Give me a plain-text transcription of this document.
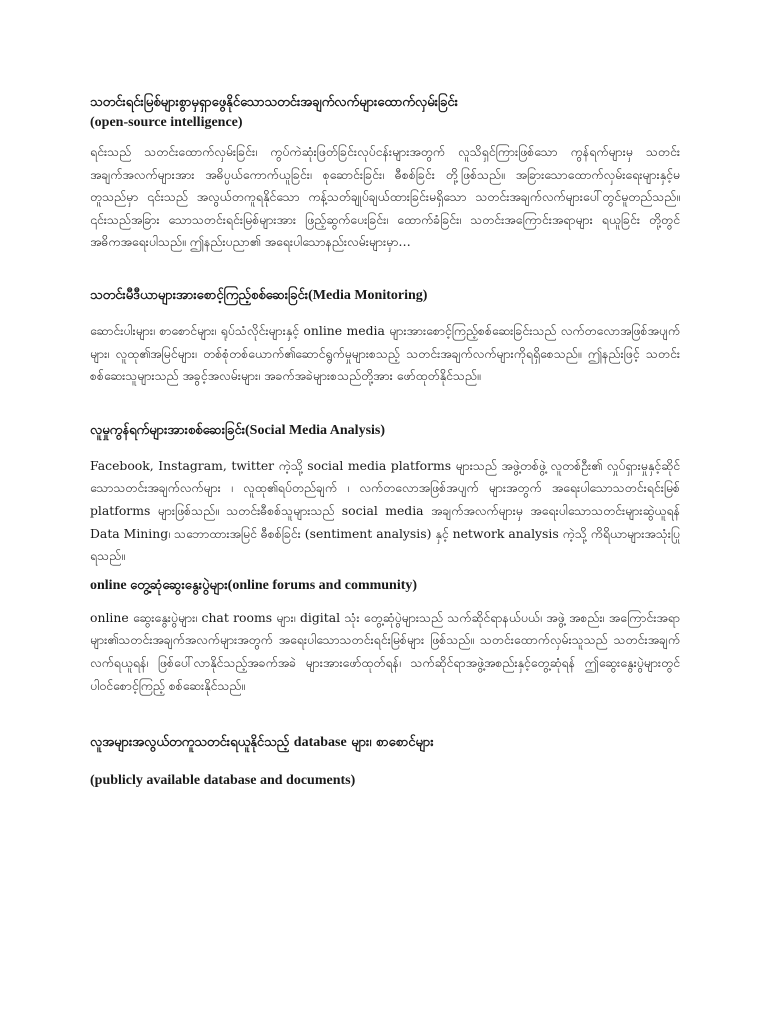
သတင်းရင်းမြစ်များစွာမှရှာဖွေနိုင်သောသတင်းအချက်လက်များထောက်လှမ်းခြင်း

(open-source intelligence)

ရင်းသည် သတင်းထောက်လှမ်းခြင်း၊ ကွပ်ကဲဆုံးဖြတ်ခြင်းလုပ်ငန်းများအတွက် လူသိရှင်ကြားဖြစ်သော ကွန်ရက်များမှ သတင်းအချက်အလက်များအား အဓိပ္ပယ်ကောက်ယူခြင်း၊ စုဆောင်းခြင်း၊ ဓီစစ်ခြင်း တို့ဖြစ်သည်။ အခြားသောထောက်လှမ်းရေးများနှင့်မတူသည်မှာ ၎င်းသည် အလွယ်တကူရနိုင်သော ကန့်သတ်ချုပ်ချယ်ထားခြင်းမရှိသော သတင်းအချက်လက်များပေါ်တွင်မူတည်သည်။ ၎င်းသည်အခြား သောသတင်းရင်းမြစ်များအား ဖြည့်ဆွက်ပေးခြင်း၊ ထောက်ခံခြင်း၊ သတင်းအကြောင်းအရာများ ရယူခြင်း တို့တွင် အဓိကအရေးပါသည်။ ဤနည်းပညာ၏ အရေးပါသောနည်းလမ်းများမှာ…

သတင်းမီဒီယာများအားစောင့်ကြည့်စစ်ဆေးခြင်း(Media Monitoring)

ဆောင်းပါးများ၊ စာစောင်များ၊ ရုပ်သံလိုင်းများနှင့် online media များအားစောင့်ကြည့်စစ်ဆေးခြင်းသည် လက်တလောအဖြစ်အပျက်များ၊ လူထု၏အမြင်များ၊ တစ်စုံတစ်ယောက်၏ဆောင်ရွက်မှုများစသည့် သတင်းအချက်လက်များကိုရရှိစေသည်။ ဤနည်းဖြင့် သတင်းစစ်ဆေးသူများသည် အခွင့်အလမ်းများ၊ အခက်အခဲများစသည်တို့အား ဖော်ထုတ်နိုင်သည်။

လူမှုကွန်ရက်များအားစစ်ဆေးခြင်း(Social Media Analysis)

Facebook, Instagram, twitter ကဲ့သို့ social media platforms များသည် အဖွဲ့တစ်ဖွဲ့ လူတစ်ဦး၏ လှုပ်ရှားမှုနှင့်ဆိုင်သောသတင်းအချက်လက်များ ၊ လူထု၏ရပ်တည်ချက် ၊ လက်တလောအဖြစ်အပျက် များအတွက် အရေးပါသောသတင်းရင်းမြစ် platforms များဖြစ်သည်။ သတင်းဓီစစ်သူများသည် social media အချက်အလက်များမှ အရေးပါသောသတင်းများဆွဲယူရန် Data Mining၊ သဘောထားအမြင် ဓီစစ်ခြင်း (sentiment analysis) နှင့် network analysis ကဲ့သို့ ကိရိယာများအသုံးပြုရသည်။

online တွေ့ဆုံဆွေးနွေးပွဲများ(online forums and community)

online ဆွေးနွေးပွဲများ၊ chat rooms များ၊ digital သုံး တွေ့ဆုံပွဲများသည် သက်ဆိုင်ရာနယ်ပယ်၊ အဖွဲ့ အစည်း၊ အကြောင်းအရာများ၏သတင်းအချက်အလက်များအတွက် အရေးပါသောသတင်းရင်းမြစ်များ ဖြစ်သည်။ သတင်းထောက်လှမ်းသူသည် သတင်းအချက်လက်ရယူရန်၊ ဖြစ်ပေါ်လာနိုင်သည့်အခက်အခဲ များအားဖော်ထုတ်ရန်၊ သက်ဆိုင်ရာအဖွဲ့အစည်းနှင့်တွေ့ဆုံရန် ဤဆွေးနွေးပွဲများတွင် ပါဝင်စောင့်ကြည့် စစ်ဆေးနိုင်သည်။

လူအများအလွယ်တကူသတင်းရယူနိုင်သည့် database များ၊ စာစောင်များ

(publicly available database and documents)
